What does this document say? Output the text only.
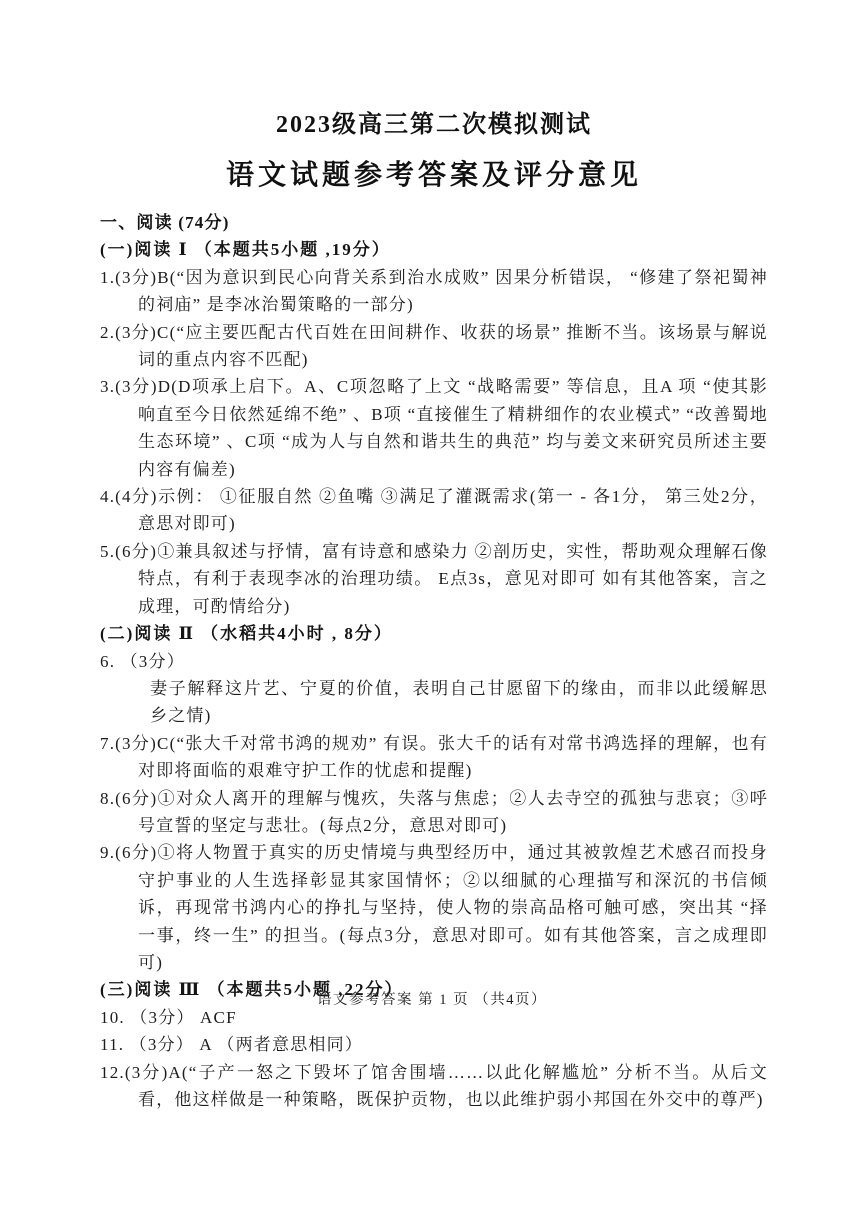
2023级高三第二次模拟测试
语文试题参考答案及评分意见

一、阅读 (74分)

(一)阅读 Ⅰ （本题共5小题 ,19分）

1.(3分)B(“因为意识到民心向背关系到治水成败” 因果分析错误， “修建了祭祀蜀神的祠庙” 是李冰治蜀策略的一部分)

2.(3分)C(“应主要匹配古代百姓在田间耕作、收获的场景” 推断不当。该场景与解说词的重点内容不匹配)

3.(3分)D(D项承上启下。A、C项忽略了上文 “战略需要” 等信息，且A 项 “使其影响直至今日依然延绵不绝” 、B项 “直接催生了精耕细作的农业模式” “改善蜀地生态环境” 、C项 “成为人与自然和谐共生的典范” 均与姜文来研究员所述主要内容有偏差)

4.(4分)示例： ①征服自然 ②鱼嘴 ③满足了灌溉需求(第一 - 各1分， 第三处2分，意思对即可)

5.(6分)①兼具叙述与抒情，富有诗意和感染力 ②剖历史，实性，帮助观众理解石像特点，有利于表现李冰的治理功绩。 E点3s，意见对即可 如有其他答案，言之成理，可酌情给分)

(二)阅读 Ⅱ （水稻共4小时 , 8分）

6. （3分）

妻子解释这片艺、宁夏的价值，表明自己甘愿留下的缘由，而非以此缓解思乡之情)

7.(3分)C(“张大千对常书鸿的规劝” 有误。张大千的话有对常书鸿选择的理解，也有对即将面临的艰难守护工作的忧虑和提醒)

8.(6分)①对众人离开的理解与愧疚，失落与焦虑；②人去寺空的孤独与悲哀；③呼号宣誓的坚定与悲壮。(每点2分，意思对即可)

9.(6分)①将人物置于真实的历史情境与典型经历中，通过其被敦煌艺术感召而投身守护事业的人生选择彰显其家国情怀；②以细腻的心理描写和深沉的书信倾诉，再现常书鸿内心的挣扎与坚持，使人物的崇高品格可触可感，突出其 “择一事，终一生” 的担当。(每点3分，意思对即可。如有其他答案，言之成理即可)

(三)阅读 Ⅲ （本题共5小题 ,22分）

10. （3分） ACF

11. （3分） A （两者意思相同）

12.(3分)A(“子产一怒之下毁坏了馆舍围墙……以此化解尴尬” 分析不当。从后文看，他这样做是一种策略，既保护贡物，也以此维护弱小邦国在外交中的尊严)

语文参考答案 第 1 页 （共4页）
